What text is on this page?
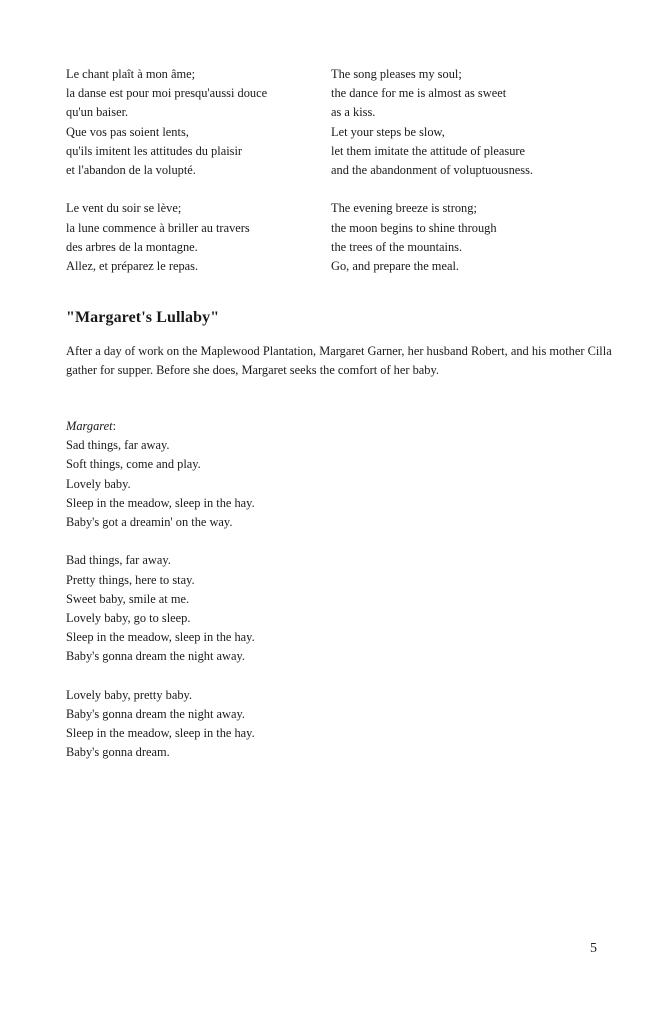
Le chant plaît à mon âme;
la danse est pour moi presqu'aussi douce
qu'un baiser.
Que vos pas soient lents,
qu'ils imitent les attitudes du plaisir
et l'abandon de la volupté.
Le vent du soir se lève;
la lune commence à briller au travers
des arbres de la montagne.
Allez, et préparez le repas.
The song pleases my soul;
the dance for me is almost as sweet
as a kiss.
Let your steps be slow,
let them imitate the attitude of pleasure
and the abandonment of voluptuousness.
The evening breeze is strong;
the moon begins to shine through
the trees of the mountains.
Go, and prepare the meal.
"Margaret's Lullaby"
After a day of work on the Maplewood Plantation, Margaret Garner, her husband Robert, and his mother Cilla gather for supper. Before she does, Margaret seeks the comfort of her baby.
Margaret:
Sad things, far away.
Soft things, come and play.
Lovely baby.
Sleep in the meadow, sleep in the hay.
Baby's got a dreamin' on the way.
Bad things, far away.
Pretty things, here to stay.
Sweet baby, smile at me.
Lovely baby, go to sleep.
Sleep in the meadow, sleep in the hay.
Baby's gonna dream the night away.
Lovely baby, pretty baby.
Baby's gonna dream the night away.
Sleep in the meadow, sleep in the hay.
Baby's gonna dream.
5
